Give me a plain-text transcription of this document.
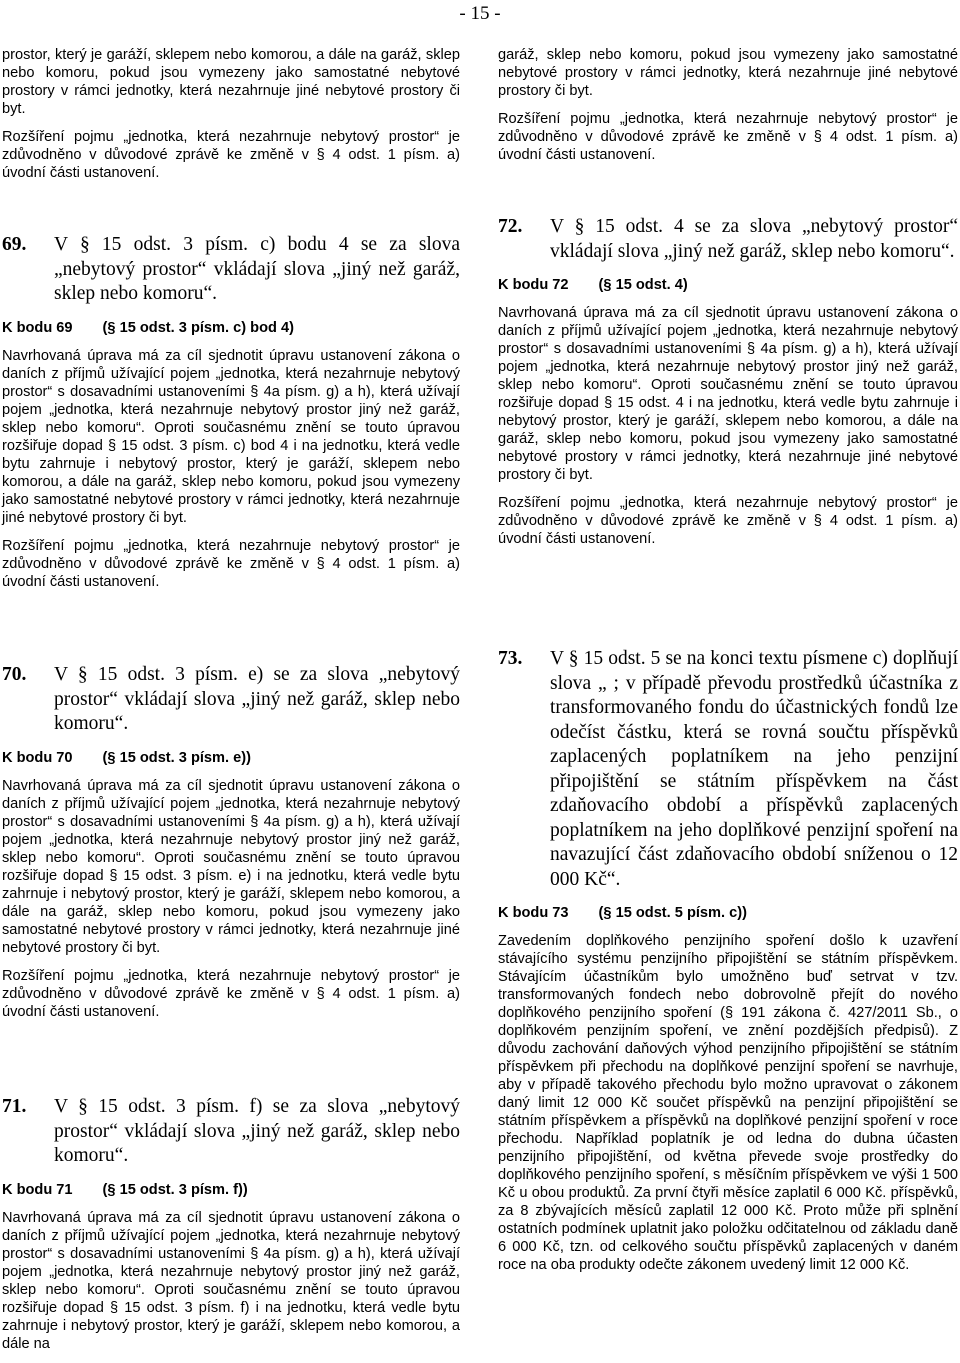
- 15 -

prostor, který je garáží, sklepem nebo komorou, a dále na garáž, sklep nebo komoru, pokud jsou vymezeny jako samostatné nebytové prostory v rámci jednotky, která nezahrnuje jiné nebytové prostory či byt.

Rozšíření pojmu „jednotka, která nezahrnuje nebytový prostor“ je zdůvodněno v důvodové zprávě ke změně v § 4 odst. 1 písm. a) úvodní části ustanovení.

69.	V § 15 odst. 3 písm. c) bodu 4 se za slova „nebytový prostor“ vkládají slova „jiný než garáž, sklep nebo komoru“.
K bodu 69 (§ 15 odst. 3 písm. c) bod 4)

Navrhovaná úprava má za cíl sjednotit úpravu ustanovení zákona o daních z příjmů užívající pojem „jednotka, která nezahrnuje nebytový prostor“ s dosavadními ustanoveními § 4a písm. g) a h), která užívají pojem „jednotka, která nezahrnuje nebytový prostor jiný než garáž, sklep nebo komoru“. Oproti současnému znění se touto úpravou rozšiřuje dopad § 15 odst. 3 písm. c) bod 4 i na jednotku, která vedle bytu zahrnuje i nebytový prostor, který je garáží, sklepem nebo komorou, a dále na garáž, sklep nebo komoru, pokud jsou vymezeny jako samostatné nebytové prostory v rámci jednotky, která nezahrnuje jiné nebytové prostory či byt.

Rozšíření pojmu „jednotka, která nezahrnuje nebytový prostor“ je zdůvodněno v důvodové zprávě ke změně v § 4 odst. 1 písm. a) úvodní části ustanovení.

70.	V § 15 odst. 3 písm. e) se za slova „nebytový prostor“ vkládají slova „jiný než garáž, sklep nebo komoru“.
K bodu 70 (§ 15 odst. 3 písm. e))

Navrhovaná úprava má za cíl sjednotit úpravu ustanovení zákona o daních z příjmů užívající pojem „jednotka, která nezahrnuje nebytový prostor“ s dosavadními ustanoveními § 4a písm. g) a h), která užívají pojem „jednotka, která nezahrnuje nebytový prostor jiný než garáž, sklep nebo komoru“. Oproti současnému znění se touto úpravou rozšiřuje dopad § 15 odst. 3 písm. e) i na jednotku, která vedle bytu zahrnuje i nebytový prostor, který je garáží, sklepem nebo komorou, a dále na garáž, sklep nebo komoru, pokud jsou vymezeny jako samostatné nebytové prostory v rámci jednotky, která nezahrnuje jiné nebytové prostory či byt.

Rozšíření pojmu „jednotka, která nezahrnuje nebytový prostor“ je zdůvodněno v důvodové zprávě ke změně v § 4 odst. 1 písm. a) úvodní části ustanovení.

71.	V § 15 odst. 3 písm. f) se za slova „nebytový prostor“ vkládají slova „jiný než garáž, sklep nebo komoru“.
K bodu 71 (§ 15 odst. 3 písm. f))

Navrhovaná úprava má za cíl sjednotit úpravu ustanovení zákona o daních z příjmů užívající pojem „jednotka, která nezahrnuje nebytový prostor“ s dosavadními ustanoveními § 4a písm. g) a h), která užívají pojem „jednotka, která nezahrnuje nebytový prostor jiný než garáž, sklep nebo komoru“. Oproti současnému znění se touto úpravou rozšiřuje dopad § 15 odst. 3 písm. f) i na jednotku, která vedle bytu zahrnuje i nebytový prostor, který je garáží, sklepem nebo komorou, a dále na

garáž, sklep nebo komoru, pokud jsou vymezeny jako samostatné nebytové prostory v rámci jednotky, která nezahrnuje jiné nebytové prostory či byt.

Rozšíření pojmu „jednotka, která nezahrnuje nebytový prostor“ je zdůvodněno v důvodové zprávě ke změně v § 4 odst. 1 písm. a) úvodní části ustanovení.

72.	V § 15 odst. 4 se za slova „nebytový prostor“ vkládají slova „jiný než garáž, sklep nebo komoru“.
K bodu 72 (§ 15 odst. 4)

Navrhovaná úprava má za cíl sjednotit úpravu ustanovení zákona o daních z příjmů užívající pojem „jednotka, která nezahrnuje nebytový prostor“ s dosavadními ustanoveními § 4a písm. g) a h), která užívají pojem „jednotka, která nezahrnuje nebytový prostor jiný než garáž, sklep nebo komoru“. Oproti současnému znění se touto úpravou rozšiřuje dopad § 15 odst. 4 i na jednotku, která vedle bytu zahrnuje i nebytový prostor, který je garáží, sklepem nebo komorou, a dále na garáž, sklep nebo komoru, pokud jsou vymezeny jako samostatné nebytové prostory v rámci jednotky, která nezahrnuje jiné nebytové prostory či byt.

Rozšíření pojmu „jednotka, která nezahrnuje nebytový prostor“ je zdůvodněno v důvodové zprávě ke změně v § 4 odst. 1 písm. a) úvodní části ustanovení.

73.	V § 15 odst. 5 se na konci textu písmene c) doplňují slova „ ; v případě převodu prostředků účastníka z transformovaného fondu do účastnických fondů lze odečíst částku, která se rovná součtu příspěvků zaplacených poplatníkem na jeho penzijní připojištění se státním příspěvkem na část zdaňovacího období a příspěvků zaplacených poplatníkem na jeho doplňkové penzijní spoření na navazující část zdaňovacího období sníženou o 12 000 Kč“.
K bodu 73 (§ 15 odst. 5 písm. c))

Zavedením doplňkového penzijního spoření došlo k uzavření stávajícího systému penzijního připojištění se státním příspěvkem. Stávajícím účastníkům bylo umožněno buď setrvat v tzv. transformovaných fondech nebo dobrovolně přejít do nového doplňkového penzijního spoření (§ 191 zákona č. 427/2011 Sb., o doplňkovém penzijním spoření, ve znění pozdějších předpisů). Z důvodu zachování daňových výhod penzijního připojištění se státním příspěvkem při přechodu na doplňkové penzijní spoření se navrhuje, aby v případě takového přechodu bylo možno upravovat o zákonem daný limit 12 000 Kč součet příspěvků na penzijní připojištění se státním příspěvkem a příspěvků na doplňkové penzijní spoření v roce přechodu. Například poplatník je od ledna do dubna účasten penzijního připojištění, od května převede svoje prostředky do doplňkového penzijního spoření, s měsíčním příspěvkem ve výši 1 500 Kč u obou produktů. Za první čtyři měsíce zaplatil 6 000 Kč. příspěvků, za 8 zbývajících měsíců zaplatil 12 000 Kč. Proto může při splnění ostatních podmínek uplatnit jako položku odčitatelnou od základu daně 6 000 Kč, tzn. od celkového součtu příspěvků zaplacených v daném roce na oba produkty odečte zákonem uvedený limit 12 000 Kč.
